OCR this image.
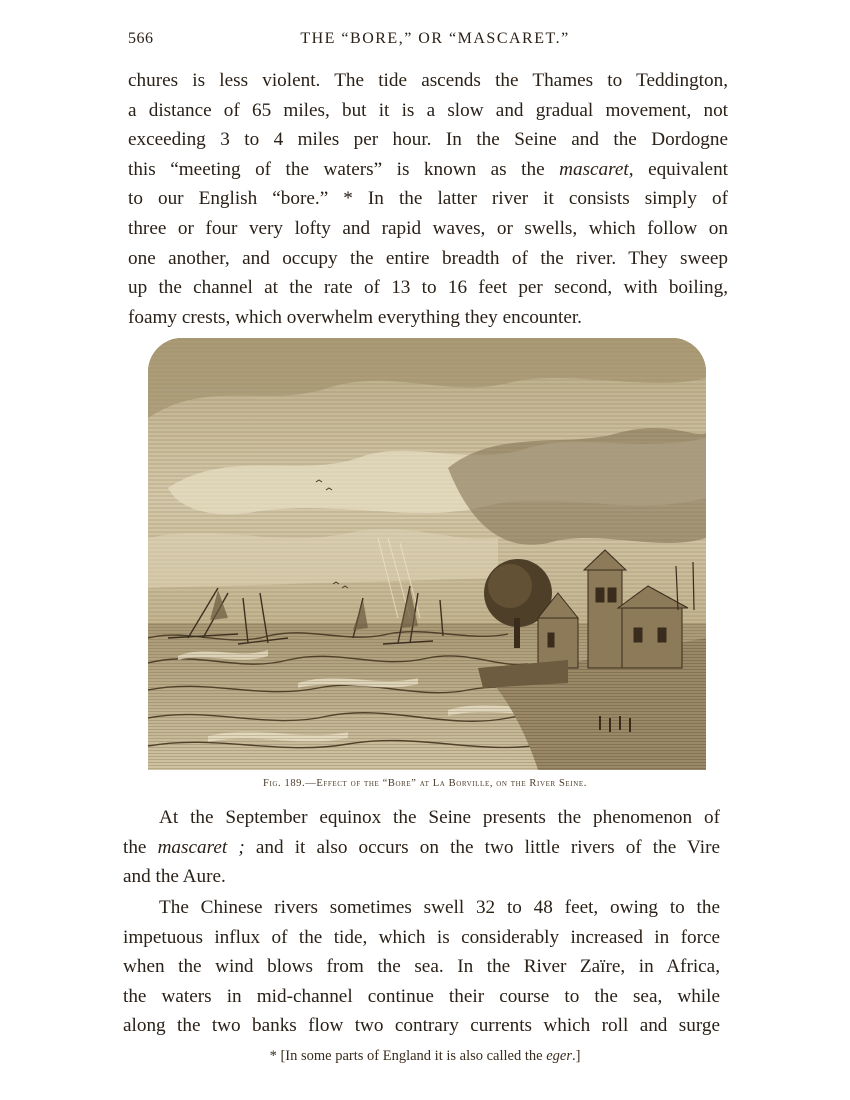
566	THE “BORE,” OR “MASCARET.”
chures is less violent. The tide ascends the Thames to Teddington,
a distance of 65 miles, but it is a slow and gradual movement, not
exceeding 3 to 4 miles per hour. In the Seine and the Dordogne
this “meeting of the waters” is known as the mascaret, equivalent
to our English “bore.” * In the latter river it consists simply of
three or four very lofty and rapid waves, or swells, which follow on
one another, and occupy the entire breadth of the river. They sweep
up the channel at the rate of 13 to 16 feet per second, with boiling,
foamy crests, which overwhelm everything they encounter.
Fig. 189.—Effect of the “Bore” at La Borville, on the River Seine.
At the September equinox the Seine presents the phenomenon of
the mascaret ; and it also occurs on the two little rivers of the Vire
and the Aure.
The Chinese rivers sometimes swell 32 to 48 feet, owing to the
impetuous influx of the tide, which is considerably increased in force
when the wind blows from the sea. In the River Zaïre, in Africa,
the waters in mid-channel continue their course to the sea, while
along the two banks flow two contrary currents which roll and surge
* [In some parts of England it is also called the eger.]
